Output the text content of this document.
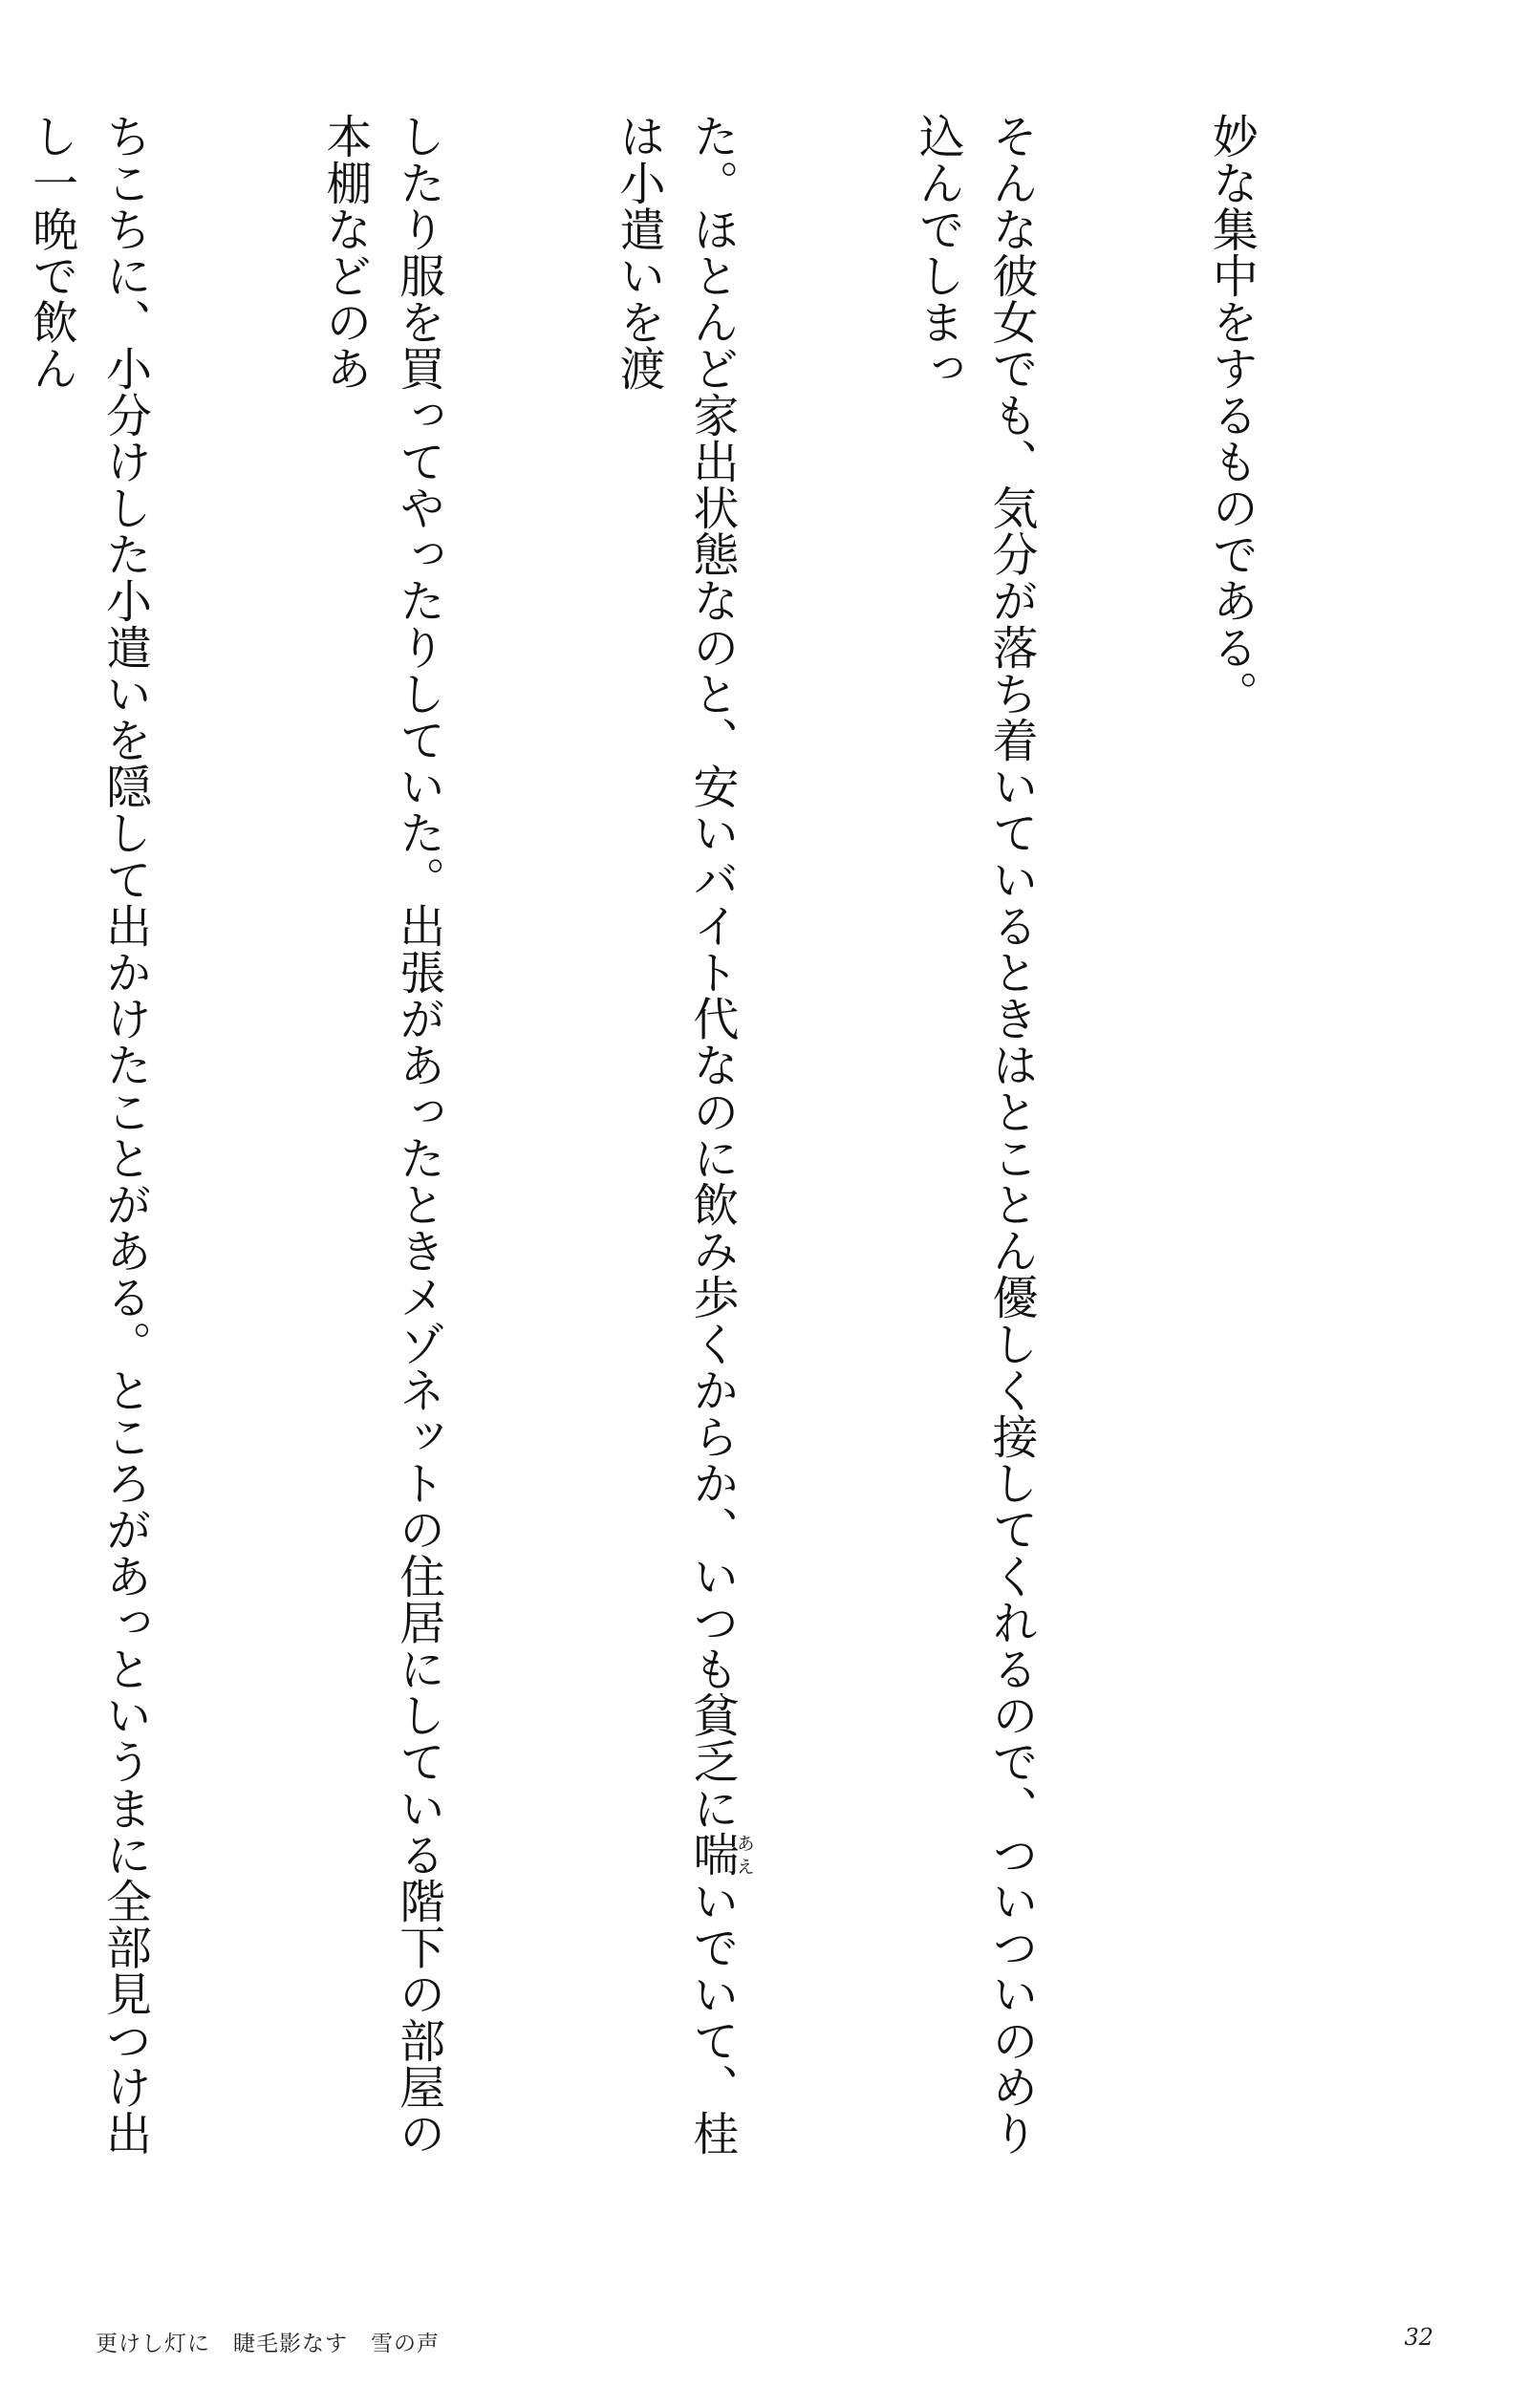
妙な集中をするものである。

そんな彼女でも、気分が落ち着いているときはとことん優しく接してくれるので、ついついのめり込んでしまっ

た。ほとんど家出状態なのと、安いバイト代なのに飲み歩くからか、いつも貧乏に喘あえいでいて、桂は小遣いを渡

したり服を買ってやったりしていた。出張があったときメゾネットの住居にしている階下の部屋の本棚などのあ

ちこちに、小分けした小遣いを隠して出かけたことがある。ところがあっというまに全部見つけ出し一晩で飲ん

更けし灯に　睫毛影なす　雪の声	32
